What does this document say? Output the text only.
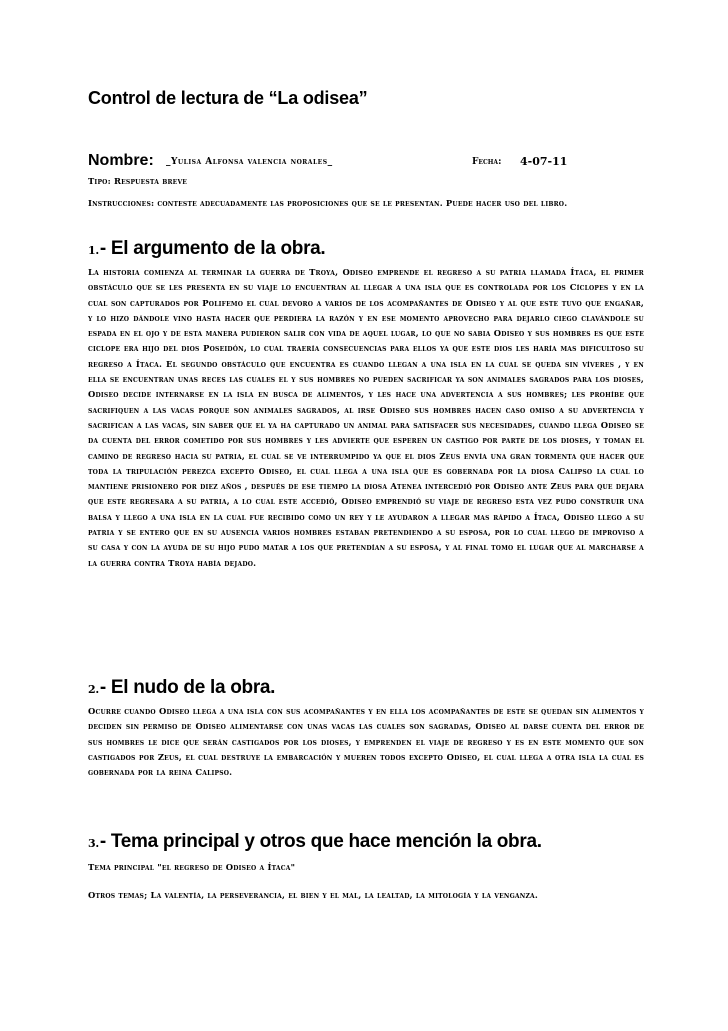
Control de lectura de “La odisea”
Nombre: _Yulisa Alfonsa valencia norales_	Fecha: 4-07-11

Tipo: Respuesta breve

Instrucciones: conteste adecuadamente las proposiciones que se le presentan. Puede hacer uso del libro.

1.- El argumento de la obra.

La historia comienza al terminar la guerra de Troya, Odiseo emprende el regreso a su patria llamada Ítaca, el primer obstáculo que se les presenta en su viaje lo encuentran al llegar a una isla que es controlada por los Cíclopes y en la cual son capturados por Polifemo el cual devoro a varios de los acompañantes de Odiseo y al que este tuvo que engañar, y lo hizo dándole vino hasta hacer que perdiera la razón y en ese momento aprovecho para dejarlo ciego clavándole su espada en el ojo y de esta manera pudieron salir con vida de aquel lugar, lo que no sabia Odiseo y sus hombres es que este ciclope era hijo del dios Poseidón, lo cual traería consecuencias para ellos ya que este dios les haría mas dificultoso su regreso a Ítaca. El segundo obstáculo que encuentra es cuando llegan a una isla en la cual se queda sin víveres , y en ella se encuentran unas reces las cuales el y sus hombres no pueden sacrificar ya son animales sagrados para los dioses, Odiseo decide internarse en la isla en busca de alimentos, y les hace una advertencia a sus hombres; les prohíbe que sacrifiquen a las vacas porque son animales sagrados, al irse Odiseo sus hombres hacen caso omiso a su advertencia y sacrifican a las vacas, sin saber que el ya ha capturado un animal para satisfacer sus necesidades, cuando llega Odiseo se da cuenta del error cometido por sus hombres y les advierte que esperen un castigo por parte de los dioses, y toman el camino de regreso hacia su patria, el cual se ve interrumpido ya que el dios Zeus envía una gran tormenta que hacer que toda la tripulación perezca excepto Odiseo, el cual llega a una isla que es gobernada por la diosa Calipso la cual lo mantiene prisionero por diez años , después de ese tiempo la diosa Atenea intercedió por Odiseo ante Zeus para que dejara que este regresara a su patria, a lo cual este accedió, Odiseo emprendió su viaje de regreso esta vez pudo construir una balsa y llego a una isla en la cual fue recibido como un rey y le ayudaron a llegar mas rápido a Ítaca, Odiseo llego a su patria y se entero que en su ausencia varios hombres estaban pretendiendo a su esposa, por lo cual llego de improviso a su casa y con la ayuda de su hijo pudo matar a los que pretendían a su esposa, y al final tomo el lugar que al marcharse a la guerra contra Troya había dejado.

2.- El nudo de la obra.

Ocurre cuando Odiseo llega a una isla con sus acompañantes y en ella los acompañantes de este se quedan sin alimentos y deciden sin permiso de Odiseo alimentarse con unas vacas las cuales son sagradas, Odiseo al darse cuenta del error de sus hombres le dice que serán castigados por los dioses, y emprenden el viaje de regreso y es en este momento que son castigados por Zeus, el cual destruye la embarcación y mueren todos excepto Odiseo, el cual llega a otra isla la cual es gobernada por la reina Calipso.

3.- Tema principal y otros que hace mención la obra.

Tema principal "el regreso de Odiseo a Ítaca"

Otros temas; La valentía, la perseverancia, el bien y el mal, la lealtad, la mitología y la venganza.
